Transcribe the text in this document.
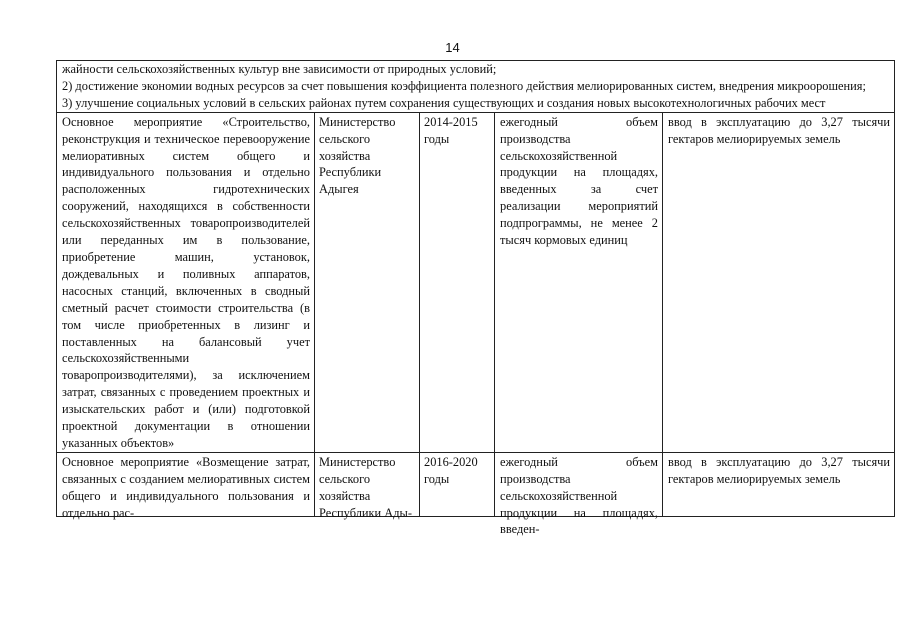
14
жайности сельскохозяйственных культур вне зависимости от природных условий;
2) достижение экономии водных ресурсов за счет повышения коэффициента полезного действия мелиорированных систем, внедрения микроорошения;
3) улучшение социальных условий в сельских районах путем сохранения существующих и создания новых высокотехнологичных рабочих мест				

Основное мероприятие «Строительство, реконструкция и техническое перевооружение мелиоративных систем общего и индивидуального пользования и отдельно расположенных гидротехнических сооружений, находящихся в собственности сельскохозяйственных товаропроизводителей или переданных им в пользование, приобретение машин, установок, дождевальных и поливных аппаратов, насосных станций, включенных в сводный сметный расчет стоимости строительства (в том числе приобретенных в лизинг и поставленных на балансовый учет сельскохозяйственными товаропроизводителями), за исключением затрат, связанных с проведением проектных и изыскательских работ и (или) подготовкой проектной документации в отношении указанных объектов»	Министерство сельского хозяйства Республики Адыгея	2014-2015 годы	ежегодный объем производства сельскохозяйственной продукции на площадях, введенных за счет реализации мероприятий подпрограммы, не менее 2 тысяч кормовых единиц	ввод в эксплуатацию до 3,27 тысячи гектаров мелиорируемых земель

Основное мероприятие «Возмещение затрат, связанных с созданием мелиоративных систем общего и индивидуального пользования и отдельно рас-	Министерство сельского хозяйства Республики Ады-	2016-2020 годы	ежегодный объем производства сельскохозяйственной продукции на площадях, введен-	ввод в эксплуатацию до 3,27 тысячи гектаров мелиорируемых земель
